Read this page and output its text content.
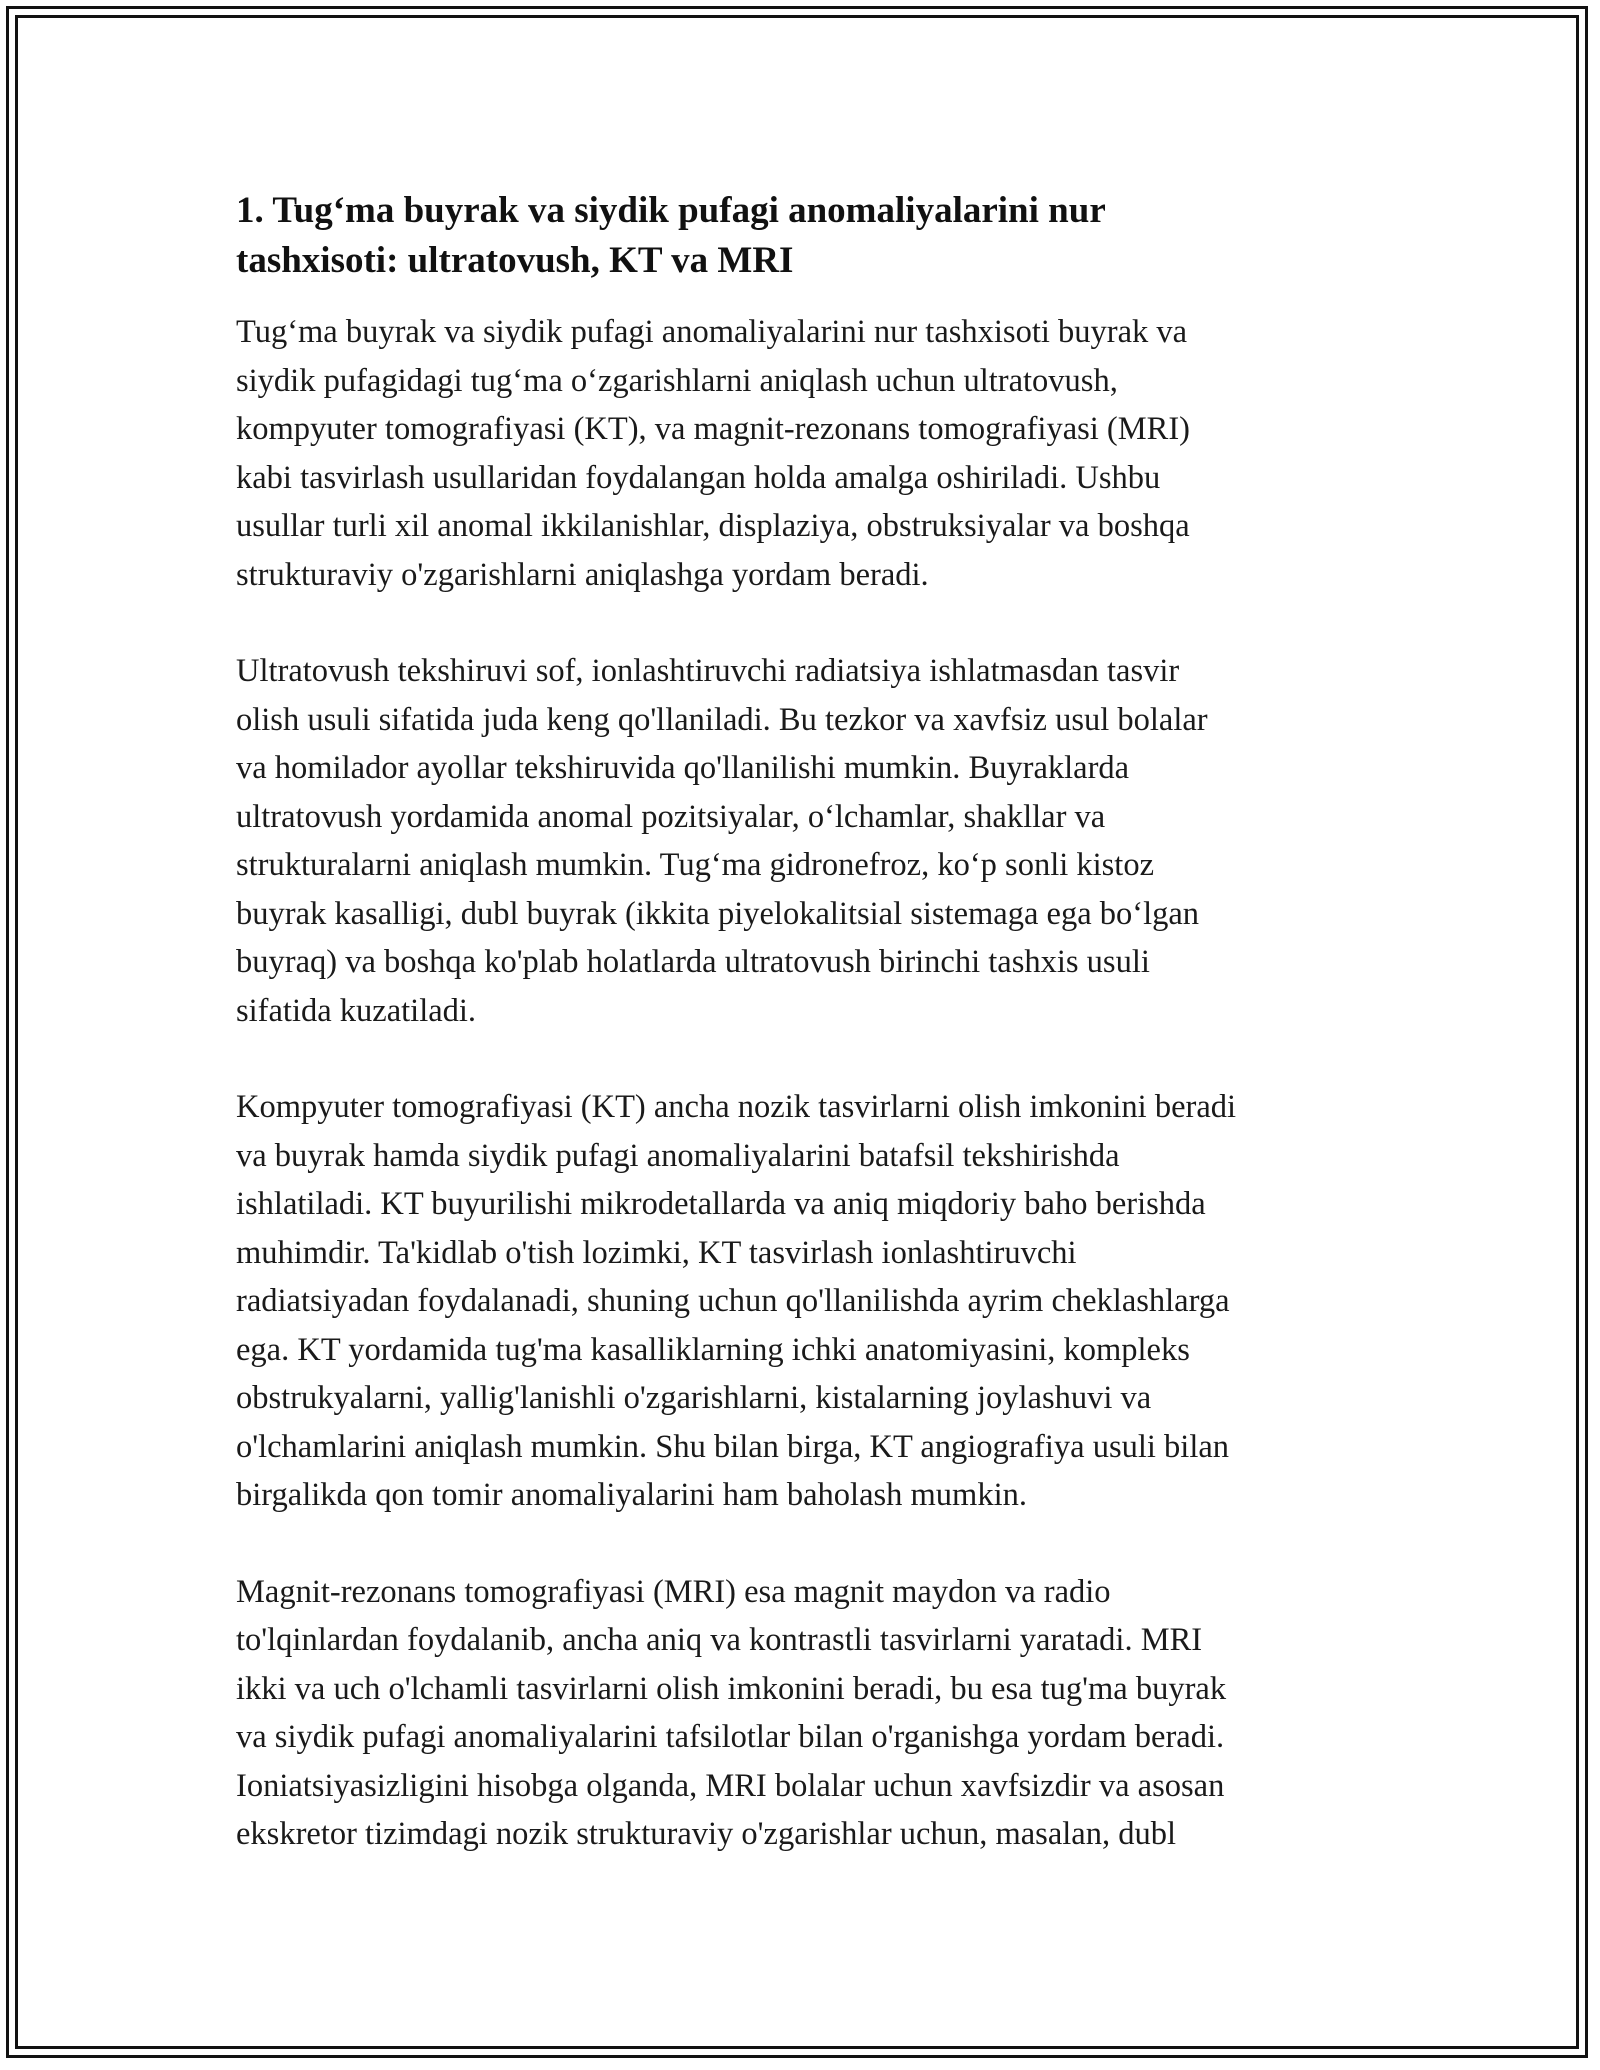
1. Tug‘ma buyrak va siydik pufagi anomaliyalarini nur
tashxisoti: ultratovush, KT va MRI

Tug‘ma buyrak va siydik pufagi anomaliyalarini nur tashxisoti buyrak va
siydik pufagidagi tug‘ma o‘zgarishlarni aniqlash uchun ultratovush,
kompyuter tomografiyasi (KT), va magnit-rezonans tomografiyasi (MRI)
kabi tasvirlash usullaridan foydalangan holda amalga oshiriladi. Ushbu
usullar turli xil anomal ikkilanishlar, displaziya, obstruksiyalar va boshqa
strukturaviy o'zgarishlarni aniqlashga yordam beradi.

Ultratovush tekshiruvi sof, ionlashtiruvchi radiatsiya ishlatmasdan tasvir
olish usuli sifatida juda keng qo'llaniladi. Bu tezkor va xavfsiz usul bolalar
va homilador ayollar tekshiruvida qo'llanilishi mumkin. Buyraklarda
ultratovush yordamida anomal pozitsiyalar, o‘lchamlar, shakllar va
strukturalarni aniqlash mumkin. Tug‘ma gidronefroz, ko‘p sonli kistoz
buyrak kasalligi, dubl buyrak (ikkita piyelokalitsial sistemaga ega bo‘lgan
buyraq) va boshqa ko'plab holatlarda ultratovush birinchi tashxis usuli
sifatida kuzatiladi.

Kompyuter tomografiyasi (KT) ancha nozik tasvirlarni olish imkonini beradi
va buyrak hamda siydik pufagi anomaliyalarini batafsil tekshirishda
ishlatiladi. KT buyurilishi mikrodetallarda va aniq miqdoriy baho berishda
muhimdir. Ta'kidlab o'tish lozimki, KT tasvirlash ionlashtiruvchi
radiatsiyadan foydalanadi, shuning uchun qo'llanilishda ayrim cheklashlarga
ega. KT yordamida tug'ma kasalliklarning ichki anatomiyasini, kompleks
obstrukyalarni, yallig'lanishli o'zgarishlarni, kistalarning joylashuvi va
o'lchamlarini aniqlash mumkin. Shu bilan birga, KT angiografiya usuli bilan
birgalikda qon tomir anomaliyalarini ham baholash mumkin.

Magnit-rezonans tomografiyasi (MRI) esa magnit maydon va radio
to'lqinlardan foydalanib, ancha aniq va kontrastli tasvirlarni yaratadi. MRI
ikki va uch o'lchamli tasvirlarni olish imkonini beradi, bu esa tug'ma buyrak
va siydik pufagi anomaliyalarini tafsilotlar bilan o'rganishga yordam beradi.
Ioniatsiyasizligini hisobga olganda, MRI bolalar uchun xavfsizdir va asosan
ekskretor tizimdagi nozik strukturaviy o'zgarishlar uchun, masalan, dubl
